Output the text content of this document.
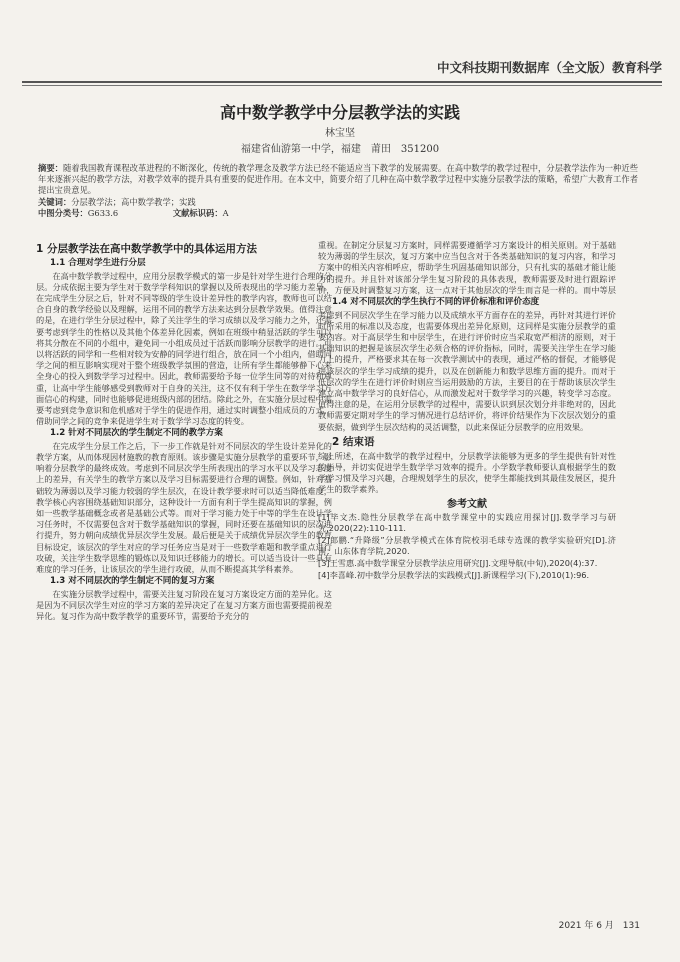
中文科技期刊数据库（全文版）教育科学
高中数学教学中分层教学法的实践
林宝坚
福建省仙游第一中学，福建　莆田　351200
摘要：随着我国教育课程改革进程的不断深化，传统的教学理念及教学方法已经不能适应当下教学的发展需要。在高中数学的教学过程中，分层教学法作为一种近些年来逐渐兴起的教学方法，对教学效率的提升具有重要的促进作用。在本文中，简要介绍了几种在高中数学教学过程中实施分层教学法的策略，希望广大教育工作者提出宝贵意见。
关键词：分层教学法；高中数学教学；实践
中图分类号：G633.6	文献标识码：A
1 分层教学法在高中数学教学中的具体运用方法
1.1 合理对学生进行分层

在高中数学教学过程中，应用分层教学模式的第一步是针对学生进行合理的分层。分成依据主要为学生对于数学学科知识的掌握以及所表现出的学习能力差异。在完成学生分层之后，针对不同等级的学生设计差异性的教学内容，教师也可以结合自身的教学经验以及理解，运用不同的教学方法来达到分层教学效果。值得注意的是，在进行学生分层过程中，除了关注学生的学习成绩以及学习能力之外，还需要考虑到学生的性格以及其他个体差异化因素，例如在班级中稍显活跃的学生可以将其分散在不同的小组中，避免同一小组成员过于活跃而影响分层教学的进行。可以将活跃的同学和一些相对较为安静的同学进行组合，放在同一个小组内，借助同学之间的相互影响实现对于整个班级教学氛围的营造，让所有学生都能够静下心来全身心的投入到数学学习过程中。因此，教师需要给予每一位学生同等的对待和尊重，让高中学生能够感受到教师对于自身的关注，这不仅有利于学生在数学学习方面信心的构建，同时也能够促进班级内部的团结。除此之外，在实施分层过程中需要考虑到竞争意识和危机感对于学生的促进作用，通过实时调整小组成员的方式，借助同学之间的竞争来促进学生对于数学学习态度的转变。

1.2 针对不同层次的学生制定不同的教学方案

在完成学生分层工作之后，下一步工作就是针对不同层次的学生设计差异化的教学方案，从而体现因材施教的教育原则。该步骤是实施分层教学的重要环节，影响着分层教学的最终成效。考虑到不同层次学生所表现出的学习水平以及学习态度上的差异，有关学生的教学方案以及学习目标需要进行合理的调整。例如，针对基础较为薄弱以及学习能力较弱的学生层次，在设计教学要求时可以适当降低难度，教学核心内容围绕基础知识部分，这种设计一方面有利于学生提高知识的掌握，例如一些教学基础概念或者是基础公式等。而对于学习能力处于中等的学生在设计学习任务时，不仅需要包含对于数学基础知识的掌握，同时还要在基础知识的层次进行提升，努力朝向成绩优异层次学生发展。最后便是关于成绩优异层次学生的教育目标设定，该层次的学生对应的学习任务应当是对于一些数学难题和教学重点进行攻破，关注学生数学思维的锻炼以及知识迁移能力的增长。可以适当设计一些具有难度的学习任务，让该层次的学生进行攻破，从而不断提高其学科素养。

1.3 对不同层次的学生制定不同的复习方案

在实施分层教学过程中，需要关注复习阶段在复习方案设定方面的差异化。这是因为不同层次学生对应的学习方案的差异决定了在复习方案方面也需要提前视差异化。复习作为高中数学教学的重要环节，需要给予充分的

重视。在制定分层复习方案时，同样需要遵循学习方案设计的相关原则。对于基础较为薄弱的学生层次，复习方案中应当包含对于各类基础知识的复习内容，和学习方案中的相关内容相呼应，帮助学生巩固基础知识部分，只有扎实的基础才能让能力的提升。并且针对该部分学生复习阶段的具体表现，教师需要及时进行跟踪评价，方便及时调整复习方案，这一点对于其他层次的学生而言是一样的。而中等层
1.4 对不同层次的学生执行不同的评价标准和评价态度

考虑到不同层次学生在学习能力以及成绩水平方面存在的差异，再针对其进行评价时所采用的标准以及态度，也需要体现出差异化原则，这同样是实施分层教学的重要内容。对于高层学生和中层学生，在进行评价时应当采取宽严相济的原则，对于基础知识的把握是该层次学生必须合格的评价指标，同时，需要关注学生在学习能力上的提升，严格要求其在每一次教学测试中的表现，通过严格的督促，才能够促进该层次的学生学习成绩的提升，以及在创新能力和数学思维方面的提升。而对于低层次的学生在进行评价时则应当运用鼓励的方法，主要目的在于帮助该层次学生建立高中数学学习的良好信心，从而激发起对于数学学习的兴趣，转变学习态度。值得注意的是，在运用分层教学的过程中，需要认识到层次划分并非绝对的，因此教师需要定期对学生的学习情况进行总结评价，将评价结果作为下次层次划分的重要依据，做到学生层次结构的灵活调整，以此来保证分层教学的应用效果。

2 结束语

综上所述，在高中数学的教学过程中，分层教学法能够为更多的学生提供有针对性的指导，并切实促进学生数学学习效率的提升。小学数学教师要认真根据学生的数学学习惯及学习兴趣，合理规划学生的层次，使学生都能找到其最佳发展区，提升学生的数学素养。

参考文献
[1]毕文杰.隐性分层教学在高中数学课堂中的实践应用探讨[J].数学学习与研究,2020(22):110-111.
[2]郎鹏.“升降级”分层教学模式在体育院校羽毛球专选课的教学实验研究[D].济南：山东体育学院,2020.
[3]王雪惠.高中数学课堂分层教学法应用研究[J].文理导航(中旬),2020(4):37.
[4]李喜峰.初中数学分层教学法的实践模式[J].新课程学习(下),2010(1):96.
2021 年 6 月　131
